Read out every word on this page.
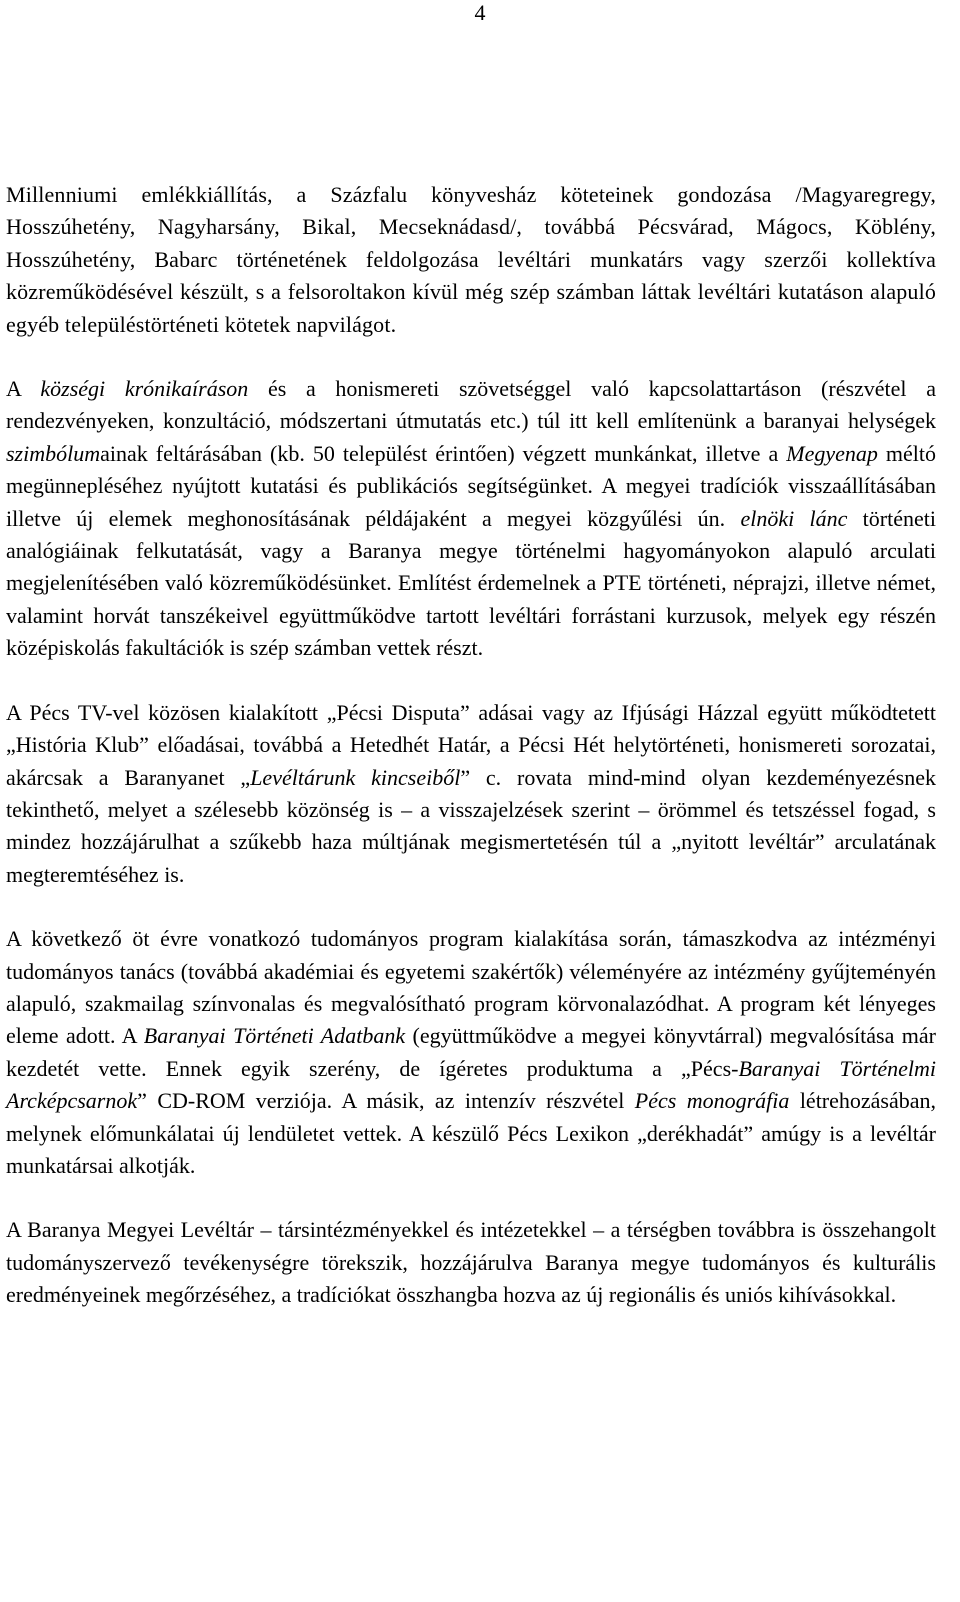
4

Millenniumi emlékkiállítás, a Százfalu könyvesház köteteinek gondozása /Magyaregregy, Hosszúhetény, Nagyharsány, Bikal, Mecseknádasd/, továbbá Pécsvárad, Mágocs, Köblény, Hosszúhetény, Babarc történetének feldolgozása levéltári munkatárs vagy szerzői kollektíva közreműködésével készült, s a felsoroltakon kívül még szép számban láttak levéltári kutatáson alapuló egyéb településtörténeti kötetek napvilágot.

A községi krónikaíráson és a honismereti szövetséggel való kapcsolattartáson (részvétel a rendezvényeken, konzultáció, módszertani útmutatás etc.) túl itt kell említenünk a baranyai helységek szimbólumainak feltárásában (kb. 50 települést érintően) végzett munkánkat, illetve a Megyenap méltó megünnepléséhez nyújtott kutatási és publikációs segítségünket. A megyei tradíciók visszaállításában illetve új elemek meghonosításának példájaként a megyei közgyűlési ún. elnöki lánc történeti analógiáinak felkutatását, vagy a Baranya megye történelmi hagyományokon alapuló arculati megjelenítésében való közreműködésünket. Említést érdemelnek a PTE történeti, néprajzi, illetve német, valamint horvát tanszékeivel együttműködve tartott levéltári forrástani kurzusok, melyek egy részén középiskolás fakultációk is szép számban vettek részt.

A Pécs TV-vel közösen kialakított „Pécsi Disputa” adásai vagy az Ifjúsági Házzal együtt működtetett „História Klub” előadásai, továbbá a Hetedhét Határ, a Pécsi Hét helytörténeti, honismereti sorozatai, akárcsak a Baranyanet „Levéltárunk kincseiből” c. rovata mind-mind olyan kezdeményezésnek tekinthető, melyet a szélesebb közönség is – a visszajelzések szerint – örömmel és tetszéssel fogad, s mindez hozzájárulhat a szűkebb haza múltjának megismertetésén túl a „nyitott levéltár” arculatának megteremtéséhez is.

A következő öt évre vonatkozó tudományos program kialakítása során, támaszkodva az intézményi tudományos tanács (továbbá akadémiai és egyetemi szakértők) véleményére az intézmény gyűjteményén alapuló, szakmailag színvonalas és megvalósítható program körvonalazódhat. A program két lényeges eleme adott. A Baranyai Történeti Adatbank (együttműködve a megyei könyvtárral) megvalósítása már kezdetét vette. Ennek egyik szerény, de ígéretes produktuma a „Pécs-Baranyai Történelmi Arcképcsarnok” CD-ROM verziója. A másik, az intenzív részvétel Pécs monográfia létrehozásában, melynek előmunkálatai új lendületet vettek. A készülő Pécs Lexikon „derékhadát” amúgy is a levéltár munkatársai alkotják.

A Baranya Megyei Levéltár – társintézményekkel és intézetekkel – a térségben továbbra is összehangolt tudományszervező tevékenységre törekszik, hozzájárulva Baranya megye tudományos és kulturális eredményeinek megőrzéséhez, a tradíciókat összhangba hozva az új regionális és uniós kihívásokkal.
